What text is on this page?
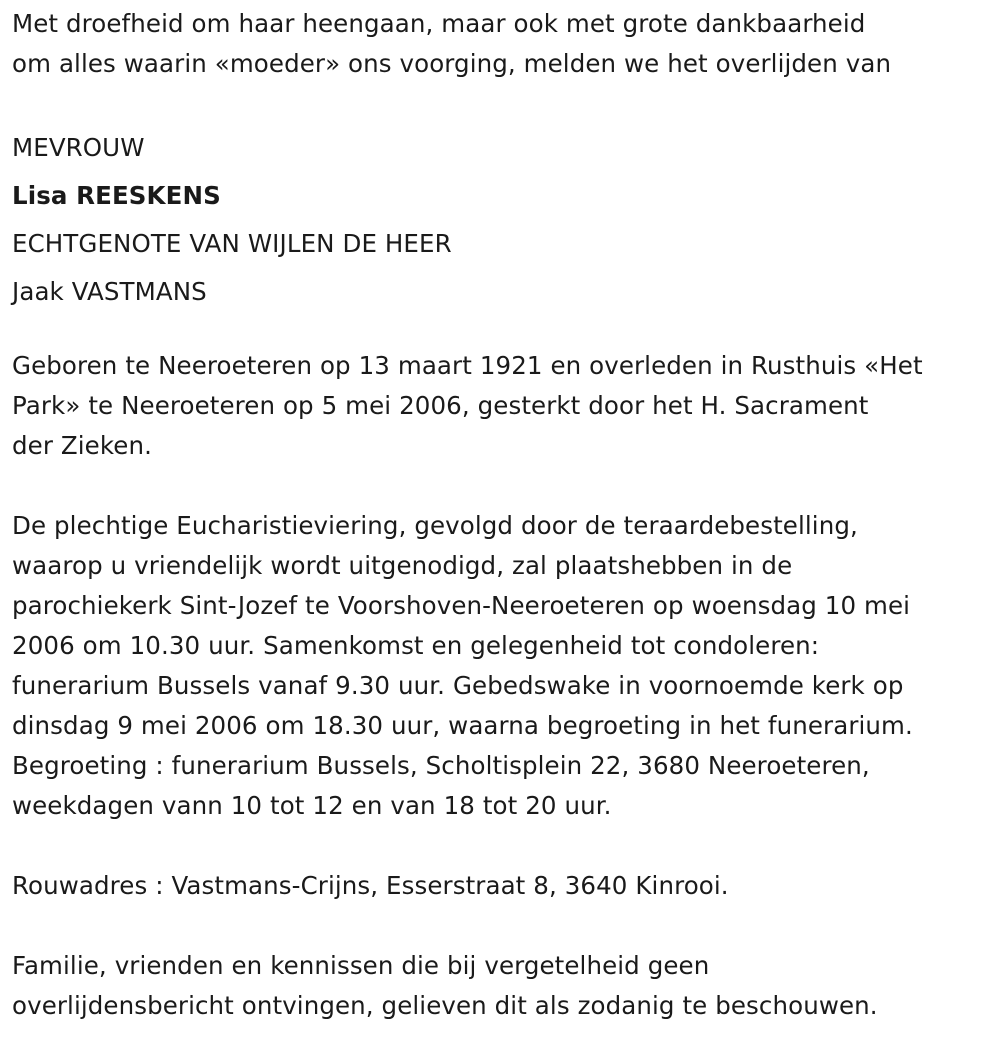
Met droefheid om haar heengaan, maar ook met grote dankbaarheid

om alles waarin «moeder» ons voorging, melden we het overlijden van

MEVROUW

Lisa REESKENS

ECHTGENOTE VAN WIJLEN DE HEER

Jaak VASTMANS

Geboren te Neeroeteren op 13 maart 1921 en overleden in Rusthuis «Het

Park» te Neeroeteren op 5 mei 2006, gesterkt door het H. Sacrament

der Zieken.

De plechtige Eucharistieviering, gevolgd door de teraardebestelling,

waarop u vriendelijk wordt uitgenodigd, zal plaatshebben in de

parochiekerk Sint-Jozef te Voorshoven-Neeroeteren op woensdag 10 mei

2006 om 10.30 uur. Samenkomst en gelegenheid tot condoleren:

funerarium Bussels vanaf 9.30 uur. Gebedswake in voornoemde kerk op

dinsdag 9 mei 2006 om 18.30 uur, waarna begroeting in het funerarium.

Begroeting : funerarium Bussels, Scholtisplein 22, 3680 Neeroeteren,

weekdagen vann 10 tot 12 en van 18 tot 20 uur.

Rouwadres : Vastmans-Crijns, Esserstraat 8, 3640 Kinrooi.

Familie, vrienden en kennissen die bij vergetelheid geen

overlijdensbericht ontvingen, gelieven dit als zodanig te beschouwen.
